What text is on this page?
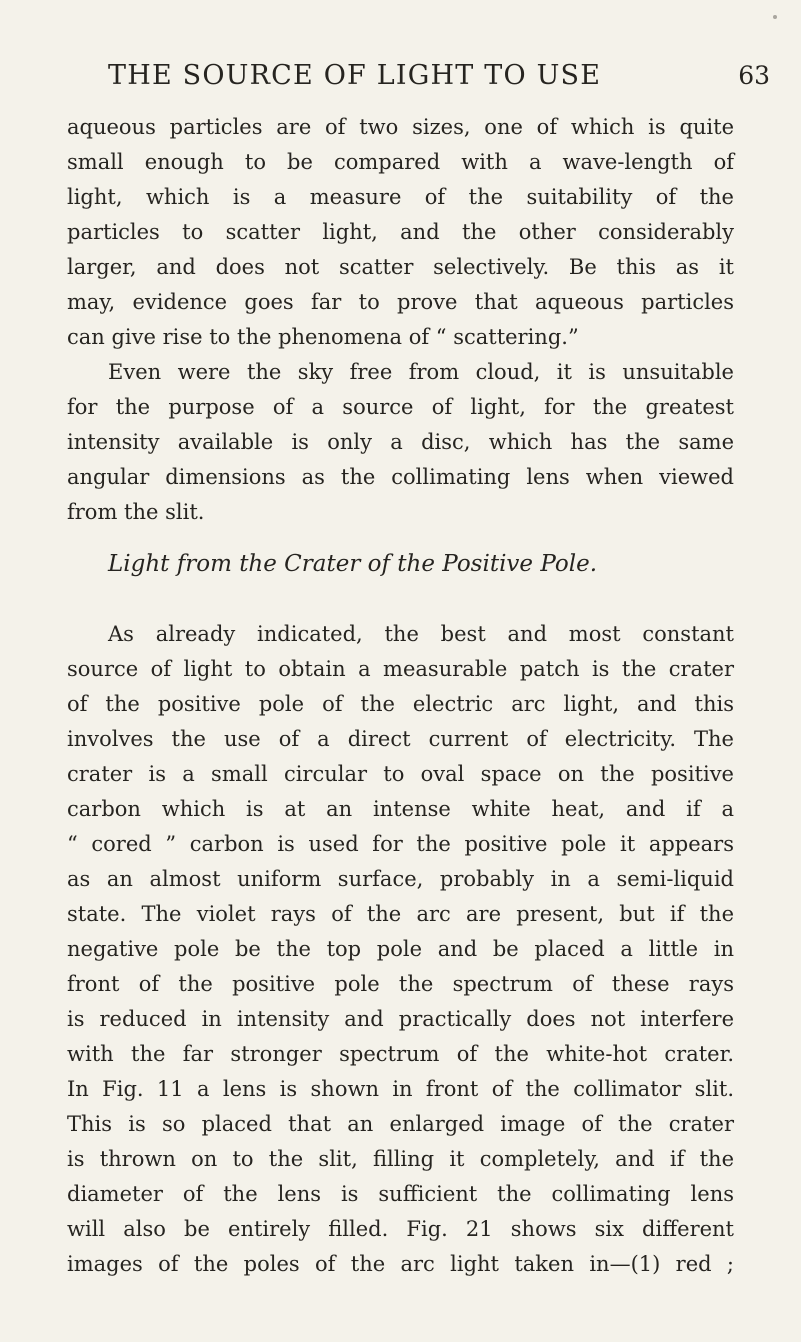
THE SOURCE OF LIGHT TO USE	63
aqueous particles are of two sizes, one of which is quite
small enough to be compared with a wave-length of
light, which is a measure of the suitability of the
particles to scatter light, and the other considerably
larger, and does not scatter selectively. Be this as it
may, evidence goes far to prove that aqueous particles
can give rise to the phenomena of “ scattering.”
Even were the sky free from cloud, it is unsuitable
for the purpose of a source of light, for the greatest
intensity available is only a disc, which has the same
angular dimensions as the collimating lens when viewed
from the slit.
Light from the Crater of the Positive Pole.
As already indicated, the best and most constant
source of light to obtain a measurable patch is the crater
of the positive pole of the electric arc light, and this
involves the use of a direct current of electricity. The
crater is a small circular to oval space on the positive
carbon which is at an intense white heat, and if a
“ cored ” carbon is used for the positive pole it appears
as an almost uniform surface, probably in a semi-liquid
state. The violet rays of the arc are present, but if the
negative pole be the top pole and be placed a little in
front of the positive pole the spectrum of these rays
is reduced in intensity and practically does not interfere
with the far stronger spectrum of the white-hot crater.
In Fig. 11 a lens is shown in front of the collimator slit.
This is so placed that an enlarged image of the crater
is thrown on to the slit, filling it completely, and if the
diameter of the lens is sufficient the collimating lens
will also be entirely filled. Fig. 21 shows six different
images of the poles of the arc light taken in—(1) red ;
